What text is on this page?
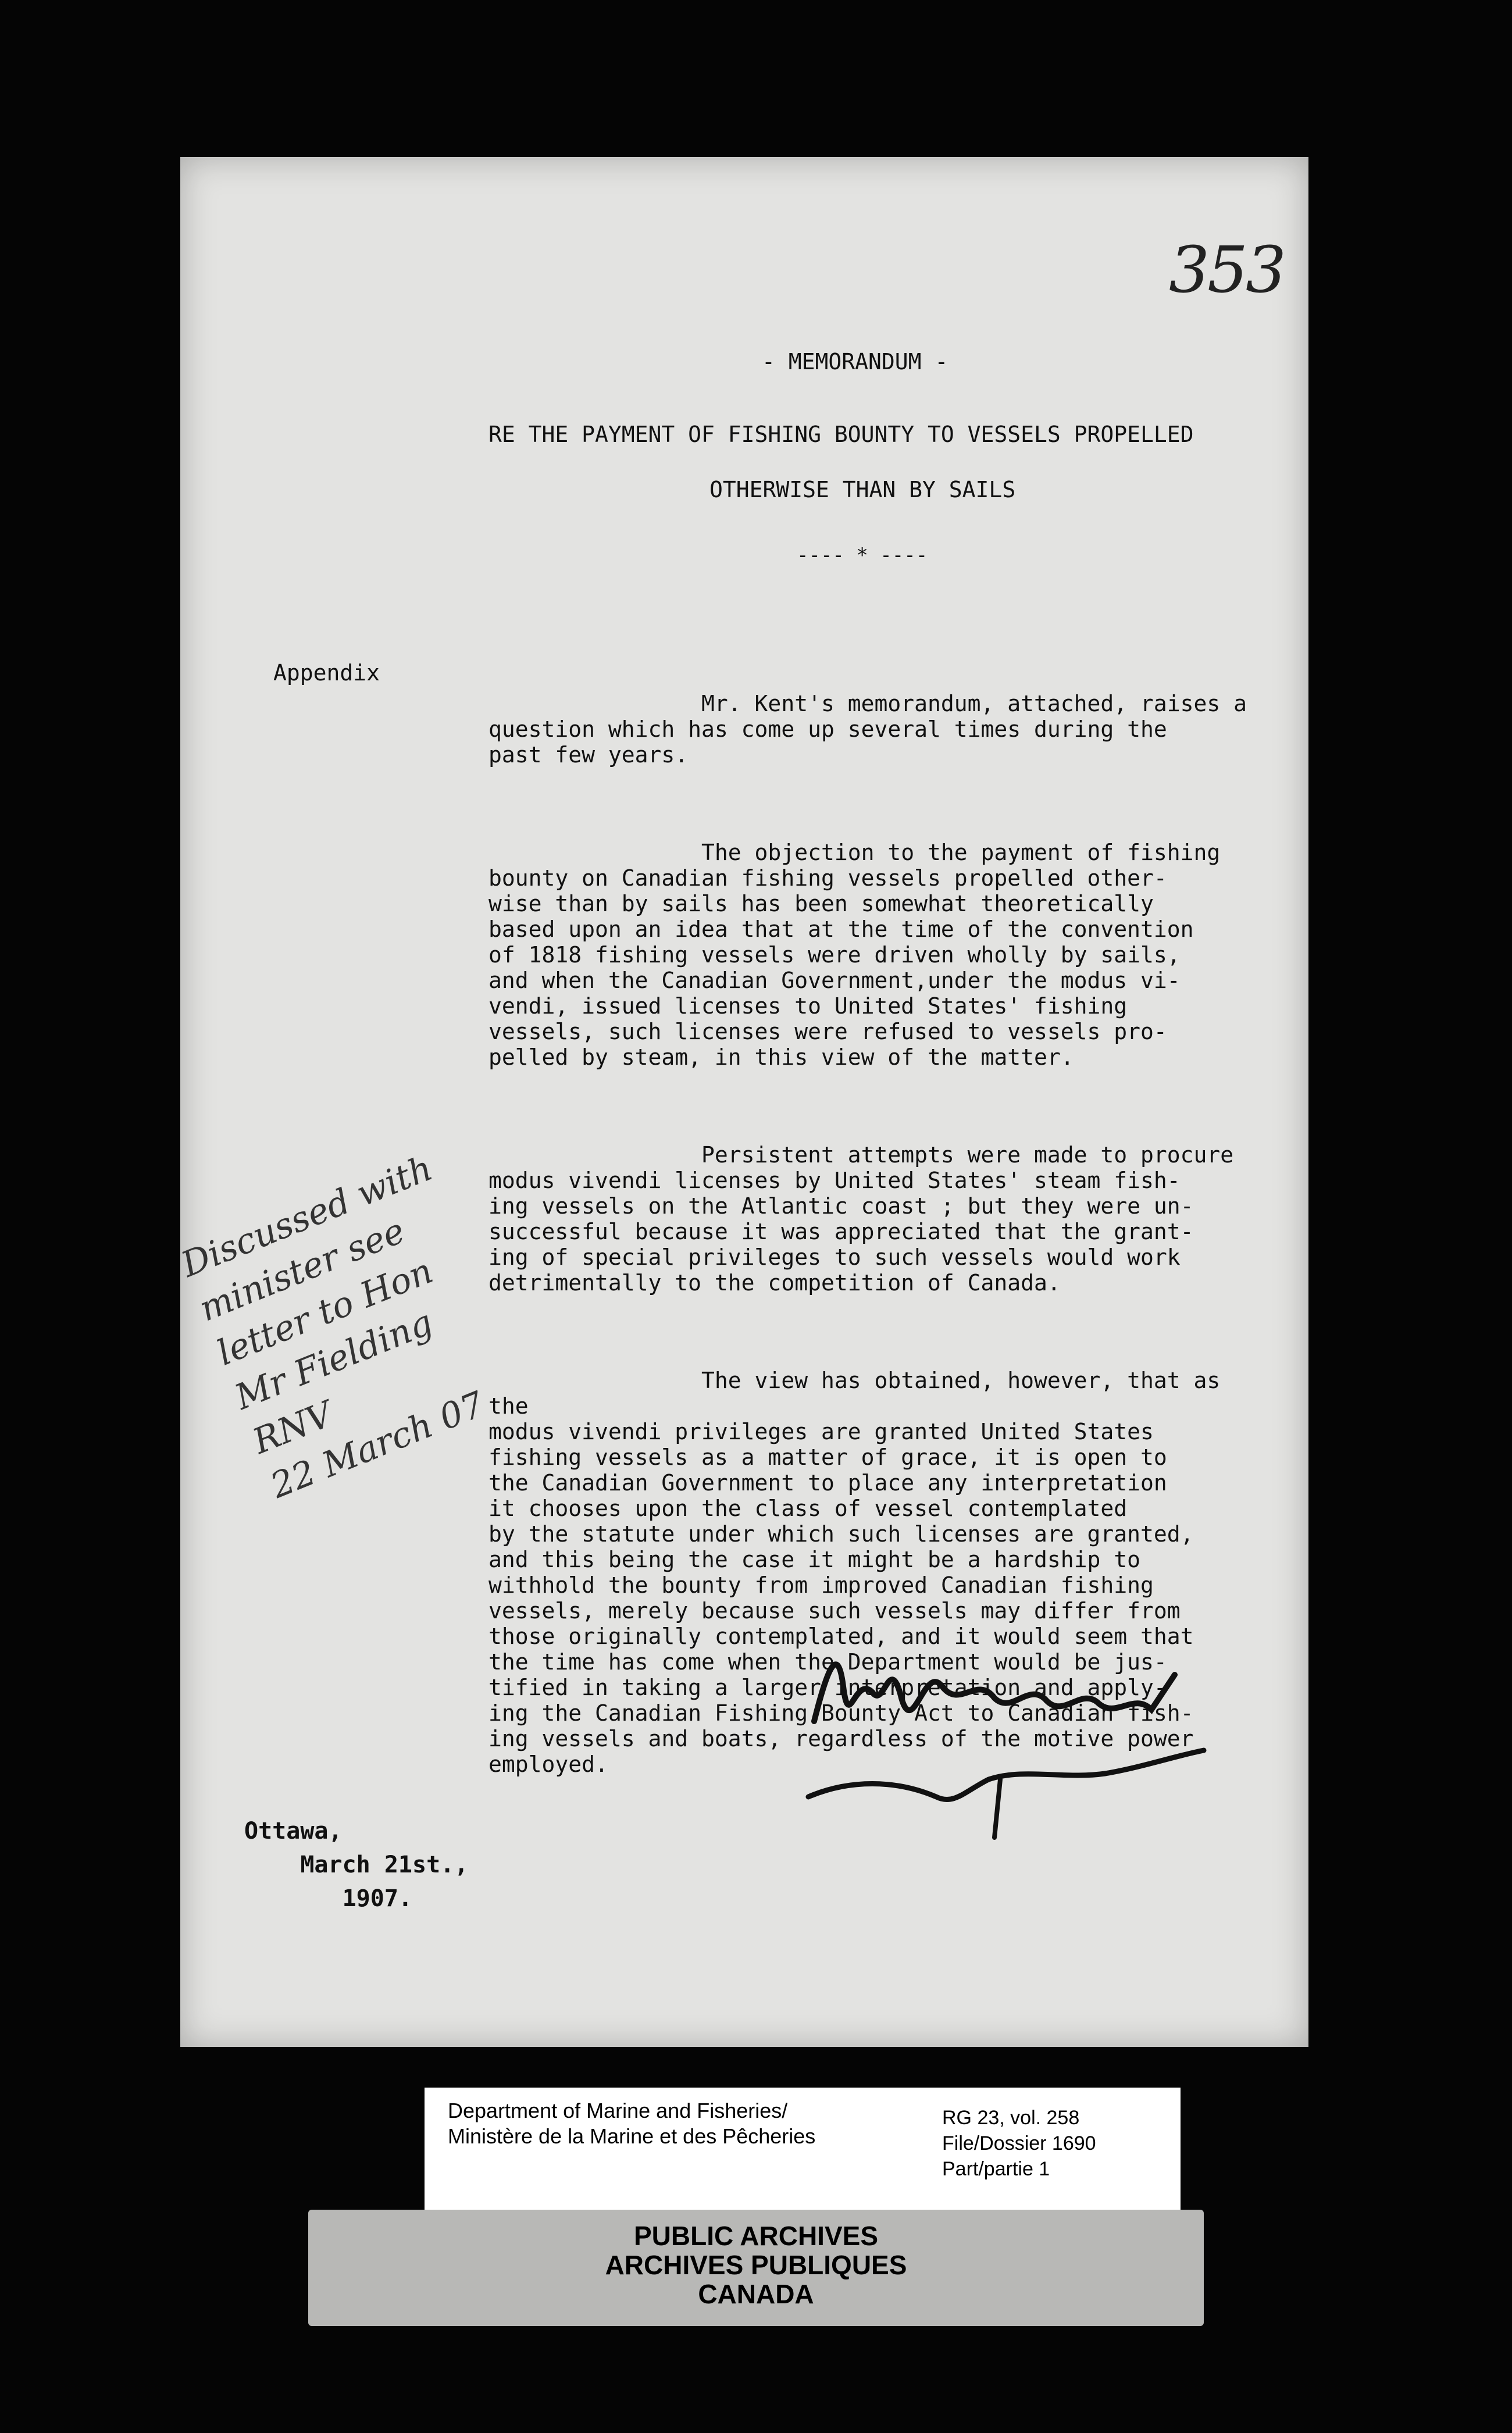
353
- MEMORANDUM -
RE THE PAYMENT OF FISHING BOUNTY TO VESSELS PROPELLED
OTHERWISE THAN BY SAILS
---- * ----
Appendix

Mr. Kent's memorandum, attached, raises a
question which has come up several times during the
past few years.

The objection to the payment of fishing
bounty on Canadian fishing vessels propelled other-
wise than by sails has been somewhat theoretically
based upon an idea that at the time of the convention
of 1818 fishing vessels were driven wholly by sails,
and when the Canadian Government,under the modus vi-
vendi, issued licenses to United States' fishing
vessels, such licenses were refused to vessels pro-
pelled by steam, in this view of the matter.

Persistent attempts were made to procure
modus vivendi licenses by United States' steam fish-
ing vessels on the Atlantic coast ; but they were un-
successful because it was appreciated that the grant-
ing of special privileges to such vessels would work
detrimentally to the competition of Canada.

The view has obtained, however, that as the
modus vivendi privileges are granted United States
fishing vessels as a matter of grace, it is open to
the Canadian Government to place any interpretation
it chooses upon the class of vessel contemplated
by the statute under which such licenses are granted,
and this being the case it might be a hardship to
withhold the bounty from improved Canadian fishing
vessels, merely because such vessels may differ from
those originally contemplated, and it would seem that
the time has come when the Department would be jus-
tified in taking a larger interpretation and apply-
ing the Canadian Fishing Bounty Act to Canadian fish-
ing vessels and boats, regardless of the motive power
employed.

Discussed with
minister see
letter to Hon
Mr Fielding
RNV
22 March 07
Ottawa,
March 21st.,
1907.
Department of Marine and Fisheries/
Ministère de la Marine et des Pêcheries
RG 23, vol. 258
File/Dossier 1690
Part/partie 1
PUBLIC ARCHIVES
ARCHIVES PUBLIQUES
CANADA
